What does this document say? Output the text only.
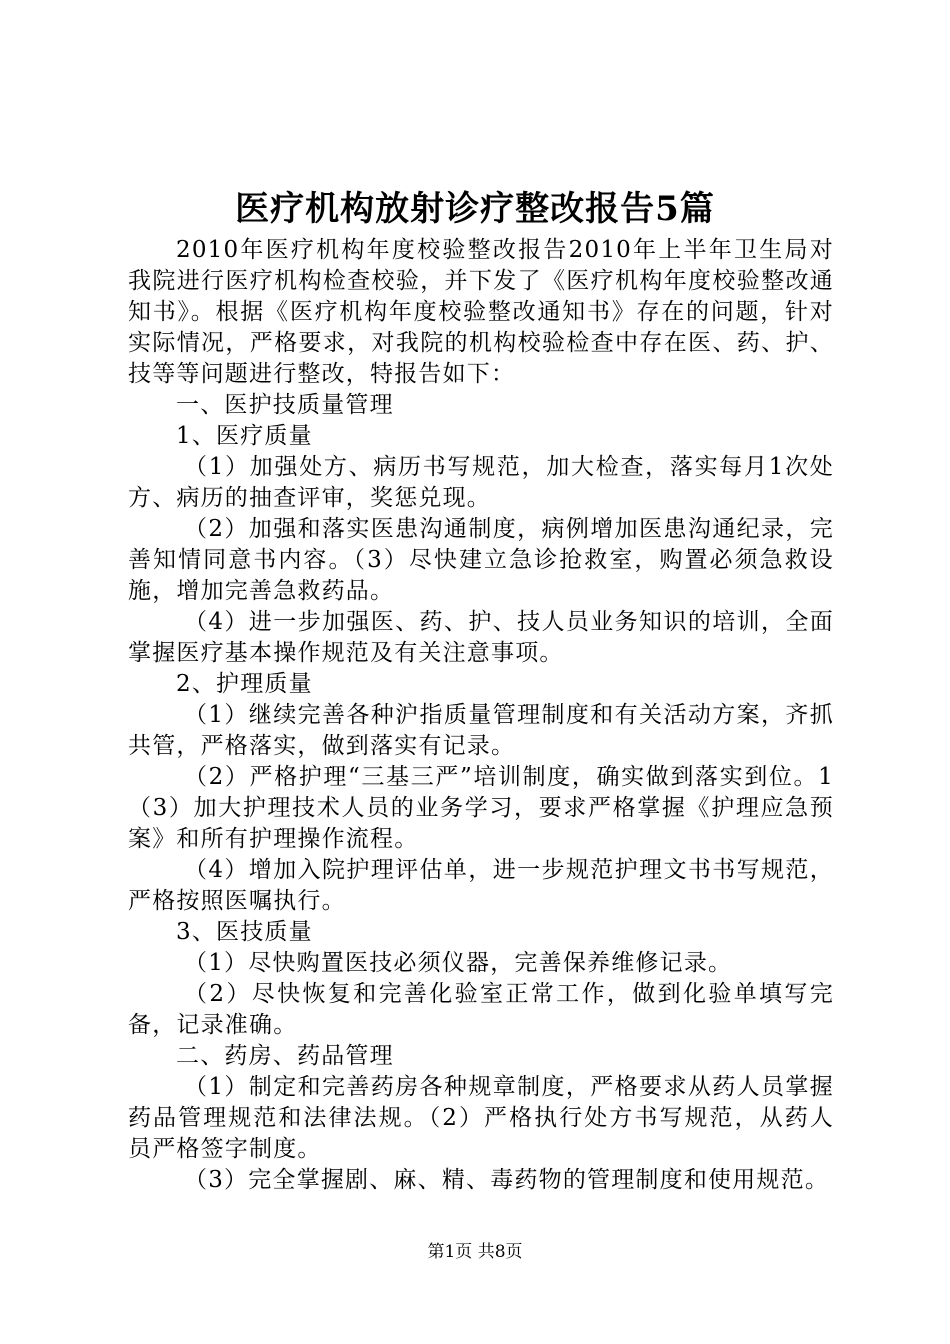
医疗机构放射诊疗整改报告5篇

2010年医疗机构年度校验整改报告2010年上半年卫生局对我院进行医疗机构检查校验，并下发了《医疗机构年度校验整改通知书》。根据《医疗机构年度校验整改通知书》存在的问题，针对实际情况，严格要求，对我院的机构校验检查中存在医、药、护、技等等问题进行整改，特报告如下：

一、医护技质量管理

1、医疗质量

（1）加强处方、病历书写规范，加大检查，落实每月1次处方、病历的抽查评审，奖惩兑现。

（2）加强和落实医患沟通制度，病例增加医患沟通纪录，完善知情同意书内容。（3）尽快建立急诊抢救室，购置必须急救设施，增加完善急救药品。

（4）进一步加强医、药、护、技人员业务知识的培训，全面掌握医疗基本操作规范及有关注意事项。

2、护理质量

（1）继续完善各种沪指质量管理制度和有关活动方案，齐抓共管，严格落实，做到落实有记录。

（2）严格护理“三基三严”培训制度，确实做到落实到位。1（3）加大护理技术人员的业务学习，要求严格掌握《护理应急预案》和所有护理操作流程。

（4）增加入院护理评估单，进一步规范护理文书书写规范，严格按照医嘱执行。

3、医技质量

（1）尽快购置医技必须仪器，完善保养维修记录。

（2）尽快恢复和完善化验室正常工作，做到化验单填写完备，记录准确。

二、药房、药品管理

（1）制定和完善药房各种规章制度，严格要求从药人员掌握药品管理规范和法律法规。（2）严格执行处方书写规范，从药人员严格签字制度。

（3）完全掌握剧、麻、精、毒药物的管理制度和使用规范。

第1页 共8页
